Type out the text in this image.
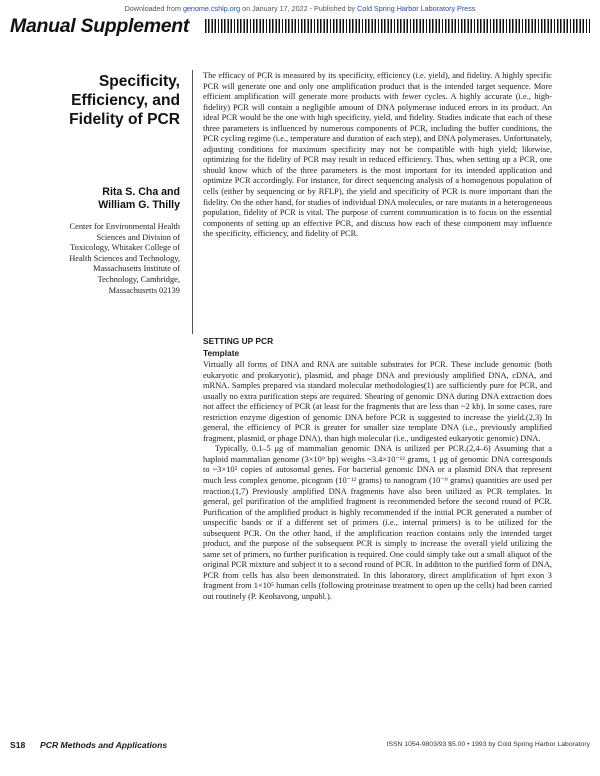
Downloaded from genome.cshlp.org on January 17, 2022 - Published by Cold Spring Harbor Laboratory Press
Manual Supplement
Specificity,
Efficiency, and
Fidelity of PCR
Rita S. Cha and
William G. Thilly
Center for Environmental Health
Sciences and Division of
Toxicology, Whitaker College of
Health Sciences and Technology,
Massachusetts Institute of
Technology, Cambridge,
Massachusetts 02139

The efficacy of PCR is measured by its specificity, efficiency (i.e. yield), and fidelity. A highly specific PCR will generate one and only one amplification product that is the intended target sequence. More efficient amplification will generate more products with fewer cycles. A highly accurate (i.e., high-fidelity) PCR will contain a negligible amount of DNA polymerase induced errors in its product. An ideal PCR would be the one with high specificity, yield, and fidelity. Studies indicate that each of these three parameters is influenced by numerous components of PCR, including the buffer conditions, the PCR cycling regime (i.e., temperature and duration of each step), and DNA polymerases. Unfortunately, adjusting conditions for maximum specificity may not be compatible with high yield; likewise, optimizing for the fidelity of PCR may result in reduced efficiency. Thus, when setting up a PCR, one should know which of the three parameters is the most important for its intended application and optimize PCR accordingly. For instance, for direct sequencing analysis of a homogenous population of cells (either by sequencing or by RFLP), the yield and specificity of PCR is more important than the fidelity. On the other hand, for studies of individual DNA molecules, or rare mutants in a heterogeneous population, fidelity of PCR is vital. The purpose of current communication is to focus on the essential components of setting up an effective PCR, and discuss how each of these component may influence the specificity, efficiency, and fidelity of PCR.

SETTING UP PCR
Template

Virtually all forms of DNA and RNA are suitable substrates for PCR. These include genomic (both eukaryotic and prokaryotic), plasmid, and phage DNA and previously amplified DNA, cDNA, and mRNA. Samples prepared via standard molecular methodologies(1) are sufficiently pure for PCR, and usually no extra purification steps are required. Shearing of genomic DNA during DNA extraction does not affect the efficiency of PCR (at least for the fragments that are less than ~2 kb). In some cases, rare restriction enzyme digestion of genomic DNA before PCR is suggested to increase the yield.(2,3) In general, the efficiency of PCR is greater for smaller size template DNA (i.e., previously amplified fragment, plasmid, or phage DNA), than high molecular (i.e., undigested eukaryotic genomic) DNA.

Typically, 0.1–5 μg of mammalian genomic DNA is utilized per PCR.(2,4–6) Assuming that a haploid mammalian genome (3×10⁹ bp) weighs ~3.4×10⁻¹² grams, 1 μg of genomic DNA corresponds to ~3×10⁵ copies of autosomal genes. For bacterial genomic DNA or a plasmid DNA that represent much less complex genome, picogram (10⁻¹² grams) to nanogram (10⁻⁹ grams) quantities are used per reaction.(1,7) Previously amplified DNA fragments have also been utilized as PCR templates. In general, gel purification of the amplified fragment is recommended before the second round of PCR. Purification of the amplified product is highly recommended if the initial PCR generated a number of unspecific bands or if a different set of primers (i.e., internal primers) is to be utilized for the subsequent PCR. On the other hand, if the amplification reaction contains only the intended target product, and the purpose of the subsequent PCR is simply to increase the overall yield utilizing the same set of primers, no further purification is required. One could simply take out a small aliquot of the original PCR mixture and subject it to a second round of PCR. In addition to the purified form of DNA, PCR from cells has also been demonstrated. In this laboratory, direct amplification of hprt exon 3 fragment from 1×10⁵ human cells (following proteinase treatment to open up the cells) had been carried out routinely (P. Keohavong, unpubl.).

S18 PCR Methods and Applications	ISSN 1054-9803/93 $5.00 • 1993 by Cold Spring Harbor Laboratory
